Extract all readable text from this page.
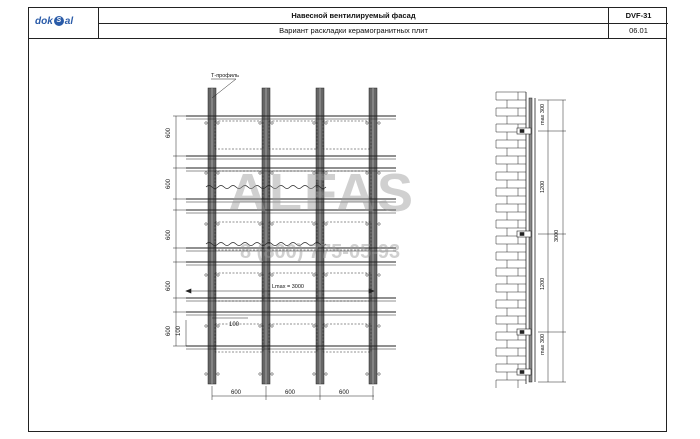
dok S al
Навесной вентилируемый фасад
Вариант раскладки керамогранитных плит
DVF-31
06.01
Т-профиль
600
600
600
600
600 100
100
Lmax = 3000
600	600	600
max 300
1200
1200
max 300
3000
ALFAS
8 (800) 775-05-93
